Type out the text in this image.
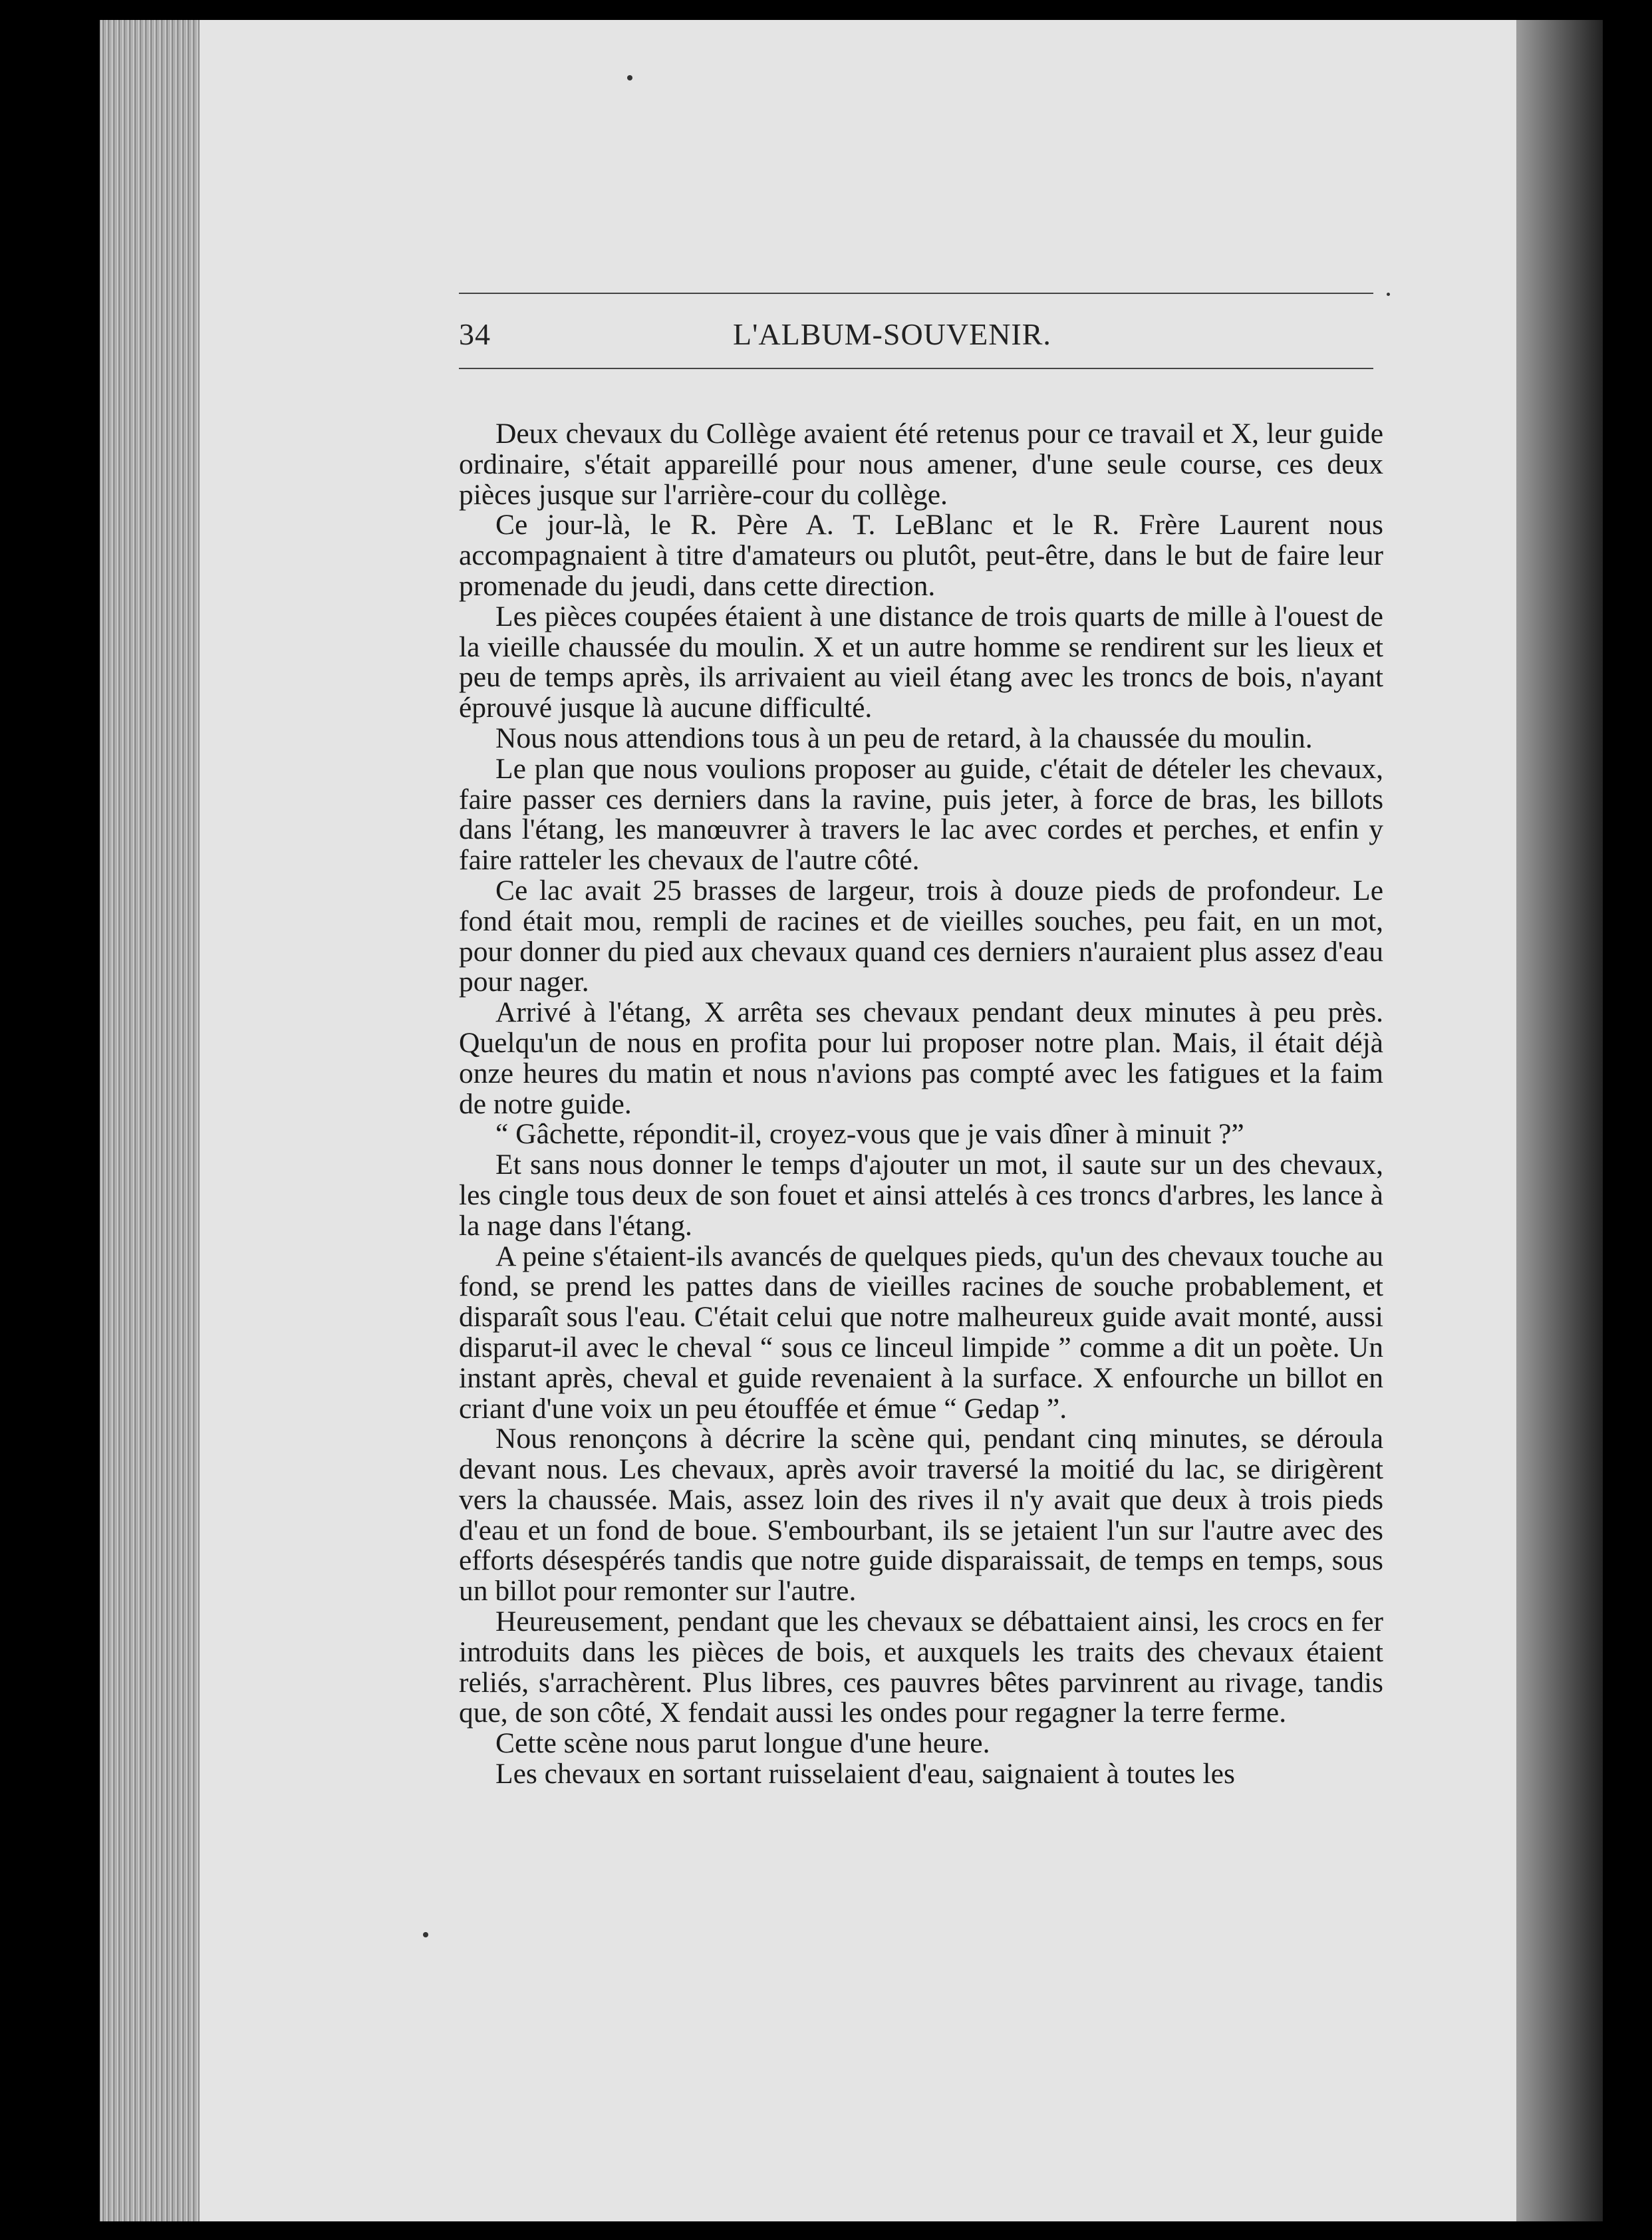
34	L'ALBUM-SOUVENIR.

Deux chevaux du Collège avaient été retenus pour ce travail et X, leur guide ordinaire, s'était appareillé pour nous amener, d'une seule course, ces deux pièces jusque sur l'arrière-cour du collège.

Ce jour-là, le R. Père A. T. LeBlanc et le R. Frère Laurent nous accompagnaient à titre d'amateurs ou plutôt, peut-être, dans le but de faire leur promenade du jeudi, dans cette direction.

Les pièces coupées étaient à une distance de trois quarts de mille à l'ouest de la vieille chaussée du moulin. X et un autre homme se rendirent sur les lieux et peu de temps après, ils arrivaient au vieil étang avec les troncs de bois, n'ayant éprouvé jusque là aucune difficulté.

Nous nous attendions tous à un peu de retard, à la chaussée du moulin.

Le plan que nous voulions proposer au guide, c'était de dételer les chevaux, faire passer ces derniers dans la ravine, puis jeter, à force de bras, les billots dans l'étang, les manœuvrer à travers le lac avec cordes et perches, et enfin y faire ratteler les chevaux de l'autre côté.

Ce lac avait 25 brasses de largeur, trois à douze pieds de profondeur. Le fond était mou, rempli de racines et de vieilles souches, peu fait, en un mot, pour donner du pied aux chevaux quand ces derniers n'auraient plus assez d'eau pour nager.

Arrivé à l'étang, X arrêta ses chevaux pendant deux minutes à peu près. Quelqu'un de nous en profita pour lui proposer notre plan. Mais, il était déjà onze heures du matin et nous n'avions pas compté avec les fatigues et la faim de notre guide.

“ Gâchette, répondit-il, croyez-vous que je vais dîner à minuit ?”

Et sans nous donner le temps d'ajouter un mot, il saute sur un des chevaux, les cingle tous deux de son fouet et ainsi attelés à ces troncs d'arbres, les lance à la nage dans l'étang.

A peine s'étaient-ils avancés de quelques pieds, qu'un des chevaux touche au fond, se prend les pattes dans de vieilles racines de souche probablement, et disparaît sous l'eau. C'était celui que notre malheureux guide avait monté, aussi disparut-il avec le cheval “ sous ce linceul limpide ” comme a dit un poète. Un instant après, cheval et guide revenaient à la surface. X enfourche un billot en criant d'une voix un peu étouffée et émue “ Gedap ”.

Nous renonçons à décrire la scène qui, pendant cinq minutes, se déroula devant nous. Les chevaux, après avoir traversé la moitié du lac, se dirigèrent vers la chaussée. Mais, assez loin des rives il n'y avait que deux à trois pieds d'eau et un fond de boue. S'embourbant, ils se jetaient l'un sur l'autre avec des efforts désespérés tandis que notre guide disparaissait, de temps en temps, sous un billot pour remonter sur l'autre.

Heureusement, pendant que les chevaux se débattaient ainsi, les crocs en fer introduits dans les pièces de bois, et auxquels les traits des chevaux étaient reliés, s'arrachèrent. Plus libres, ces pauvres bêtes parvinrent au rivage, tandis que, de son côté, X fendait aussi les ondes pour regagner la terre ferme.

Cette scène nous parut longue d'une heure.

Les chevaux en sortant ruisselaient d'eau, saignaient à toutes les
